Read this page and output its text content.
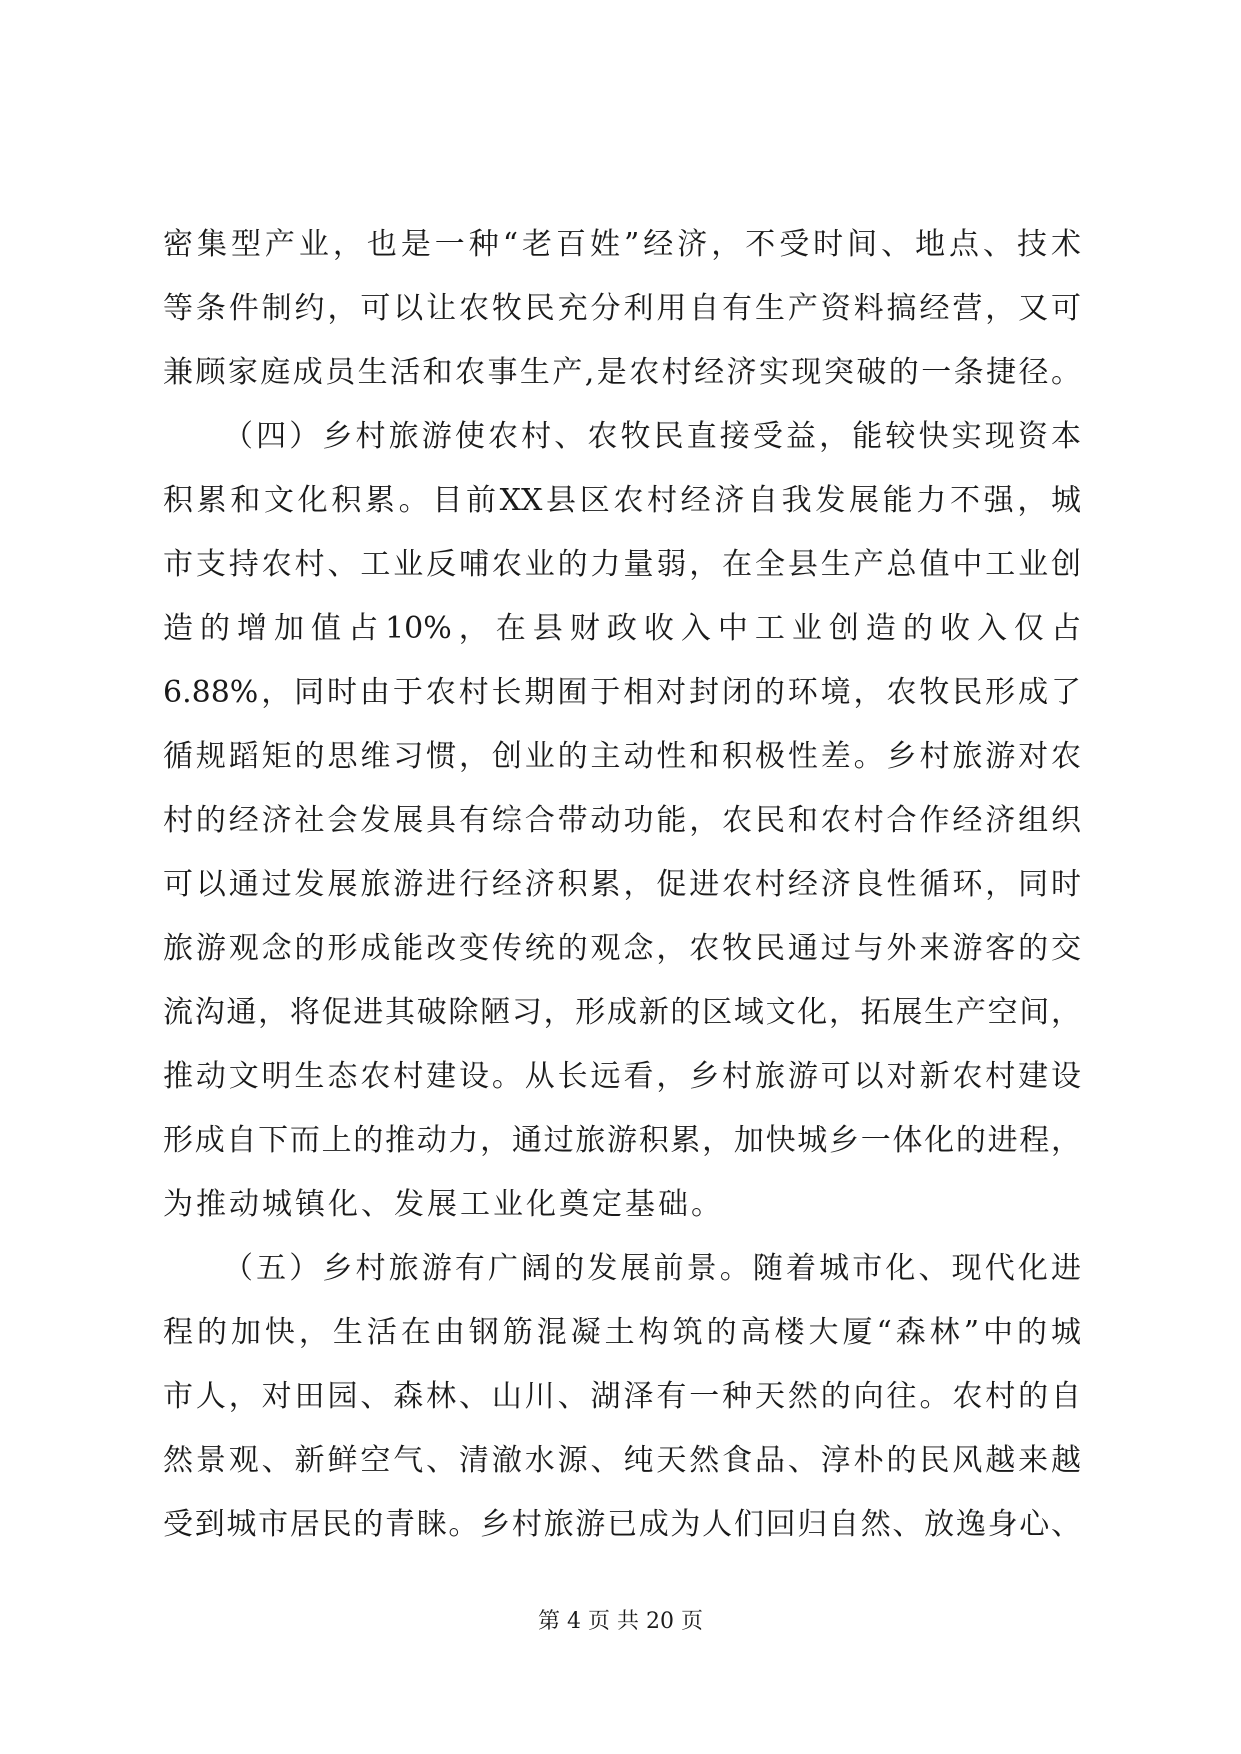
密集型产业，也是一种“老百姓”经济，不受时间、地点、技术
等条件制约，可以让农牧民充分利用自有生产资料搞经营，又可
兼顾家庭成员生活和农事生产,是农村经济实现突破的一条捷径。
（四）乡村旅游使农村、农牧民直接受益，能较快实现资本
积累和文化积累。目前XX县区农村经济自我发展能力不强，城
市支持农村、工业反哺农业的力量弱，在全县生产总值中工业创
造的增加值占10%，在县财政收入中工业创造的收入仅占
6.88%，同时由于农村长期囿于相对封闭的环境，农牧民形成了
循规蹈矩的思维习惯，创业的主动性和积极性差。乡村旅游对农
村的经济社会发展具有综合带动功能，农民和农村合作经济组织
可以通过发展旅游进行经济积累，促进农村经济良性循环，同时
旅游观念的形成能改变传统的观念，农牧民通过与外来游客的交
流沟通，将促进其破除陋习，形成新的区域文化，拓展生产空间，
推动文明生态农村建设。从长远看，乡村旅游可以对新农村建设
形成自下而上的推动力，通过旅游积累，加快城乡一体化的进程，
为推动城镇化、发展工业化奠定基础。
（五）乡村旅游有广阔的发展前景。随着城市化、现代化进
程的加快，生活在由钢筋混凝土构筑的高楼大厦“森林”中的城
市人，对田园、森林、山川、湖泽有一种天然的向往。农村的自
然景观、新鲜空气、清澈水源、纯天然食品、淳朴的民风越来越
受到城市居民的青睐。乡村旅游已成为人们回归自然、放逸身心、
第 4 页 共 20 页
